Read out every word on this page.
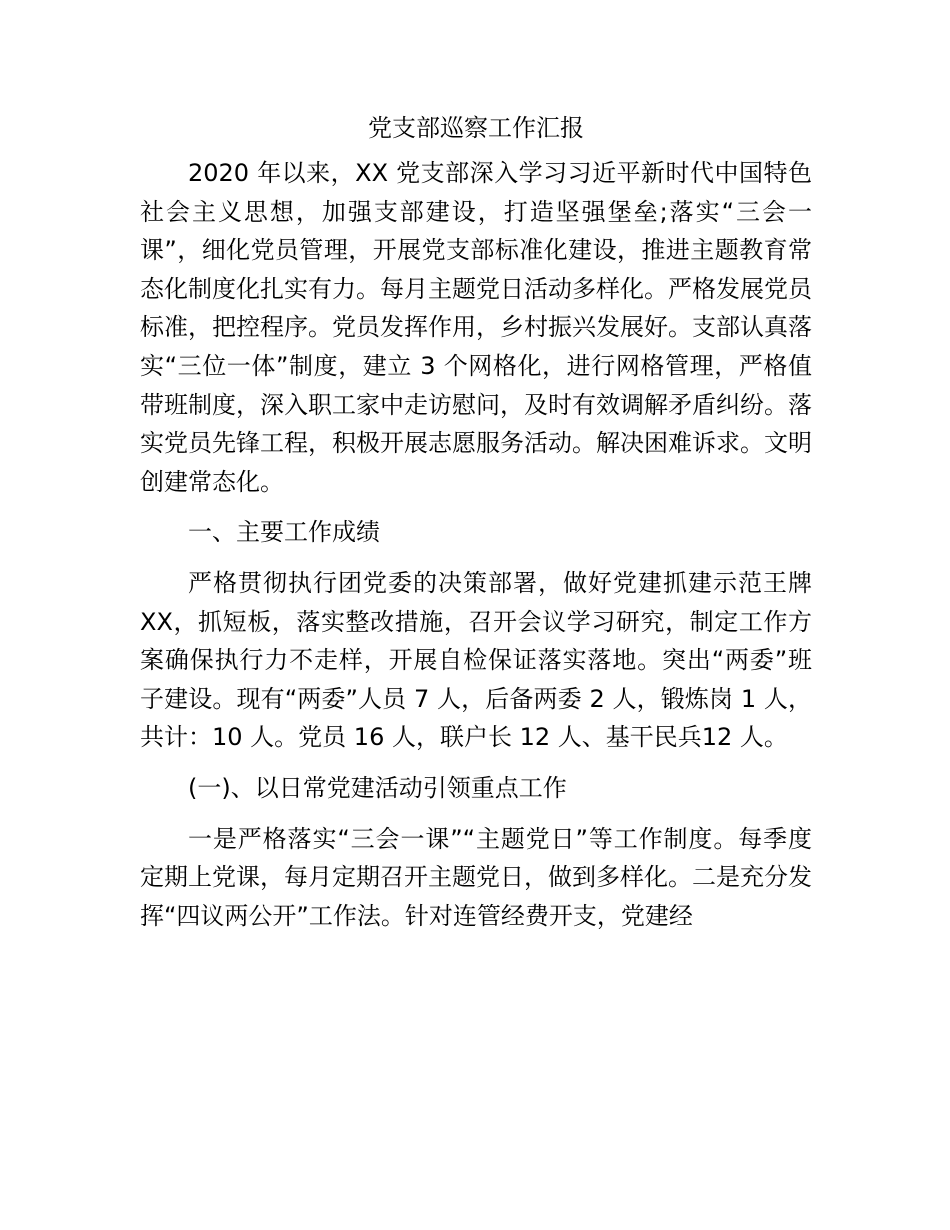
党支部巡察工作汇报

2020 年以来，XX 党支部深入学习习近平新时代中国特色社会主义思想，加强支部建设，打造坚强堡垒;落实“三会一课”，细化党员管理，开展党支部标准化建设，推进主题教育常态化制度化扎实有力。每月主题党日活动多样化。严格发展党员标准，把控程序。党员发挥作用，乡村振兴发展好。支部认真落实“三位一体”制度，建立 3 个网格化，进行网格管理，严格值带班制度，深入职工家中走访慰问，及时有效调解矛盾纠纷。落实党员先锋工程，积极开展志愿服务活动。解决困难诉求。文明创建常态化。

一、主要工作成绩

严格贯彻执行团党委的决策部署，做好党建抓建示范王牌XX，抓短板，落实整改措施，召开会议学习研究，制定工作方案确保执行力不走样，开展自检保证落实落地。突出“两委”班子建设。现有“两委”人员 7 人，后备两委 2 人，锻炼岗 1 人，共计：10 人。党员 16 人，联户长 12 人、基干民兵12 人。

(一)、以日常党建活动引领重点工作

一是严格落实“三会一课”“主题党日”等工作制度。每季度定期上党课，每月定期召开主题党日，做到多样化。二是充分发挥“四议两公开”工作法。针对连管经费开支，党建经
